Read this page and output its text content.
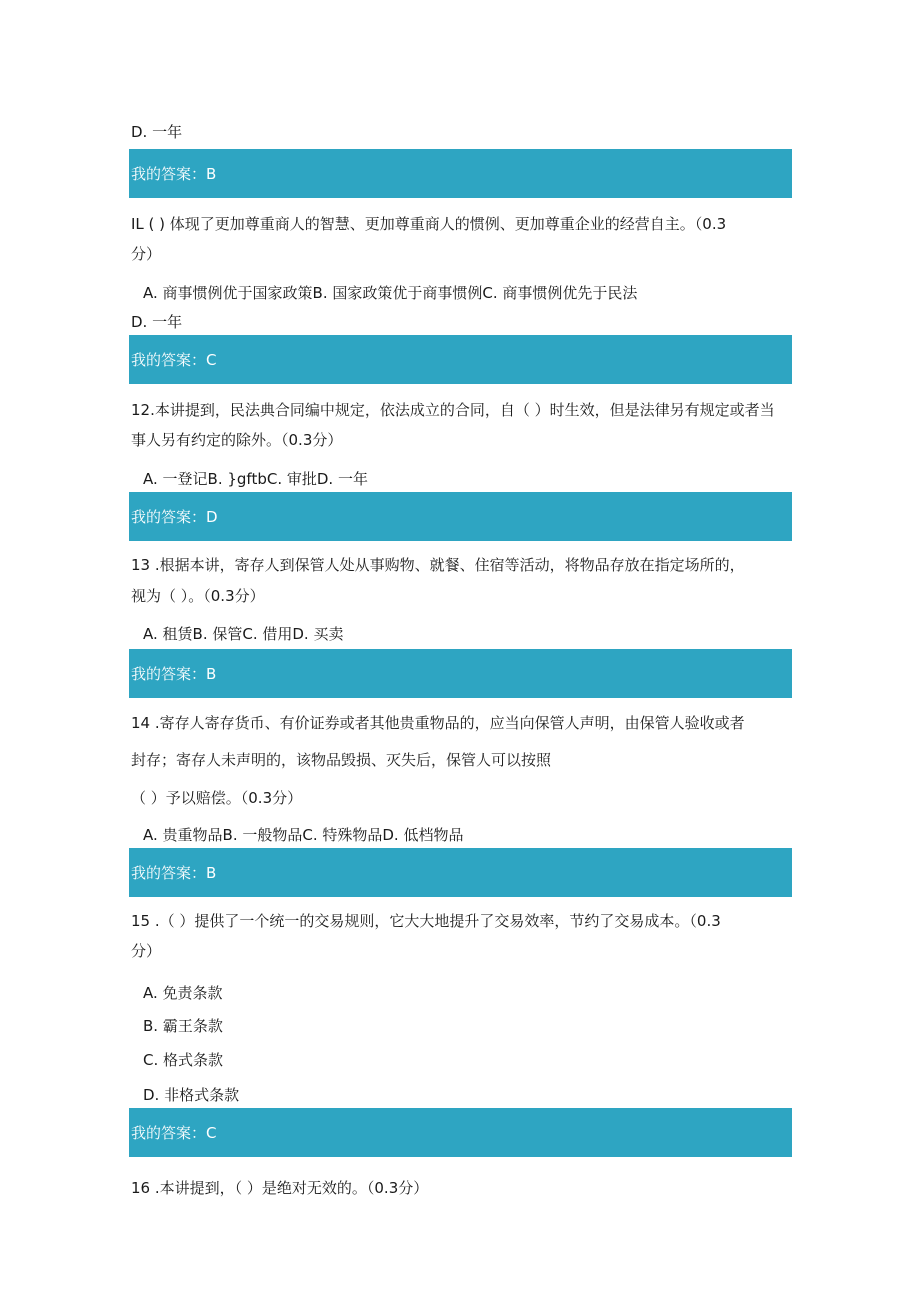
D. 一年

我的答案：B

IL ( ) 体现了更加尊重商人的智慧、更加尊重商人的惯例、更加尊重企业的经营自主。（0.3

分）

A. 商事惯例优于国家政策B. 国家政策优于商事惯例C. 商事惯例优先于民法

D. 一年

我的答案：C

12.本讲提到，民法典合同编中规定，依法成立的合同，自（ ）时生效，但是法律另有规定或者当

事人另有约定的除外。（0.3分）

A. 一登记B. }gftbC. 审批D. 一年

我的答案：D

13 .根据本讲，寄存人到保管人处从事购物、就餐、住宿等活动，将物品存放在指定场所的，

视为（ ）。（0.3分）

A. 租赁B. 保管C. 借用D. 买卖

我的答案：B

14 .寄存人寄存货币、有价证券或者其他贵重物品的，应当向保管人声明，由保管人验收或者

封存；寄存人未声明的，该物品毁损、灭失后，保管人可以按照

（ ）予以赔偿。（0.3分）

A. 贵重物品B. 一般物品C. 特殊物品D. 低档物品

我的答案：B

15 .（ ）提供了一个统一的交易规则，它大大地提升了交易效率，节约了交易成本。（0.3

分）

A. 免责条款

B. 霸王条款

C. 格式条款

D. 非格式条款

我的答案：C

16 .本讲提到，（ ）是绝对无效的。（0.3分）
